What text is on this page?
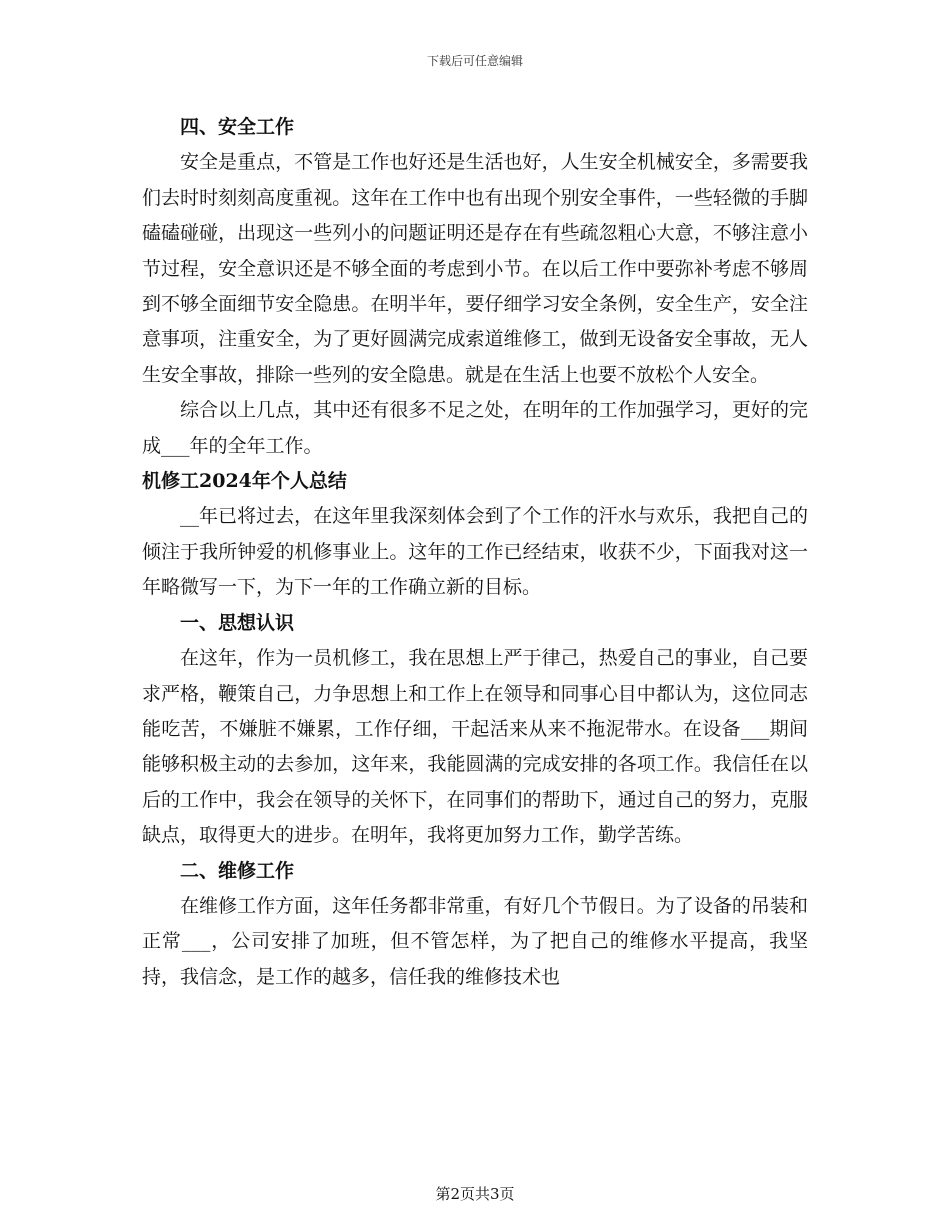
下载后可任意编辑

四、安全工作

安全是重点，不管是工作也好还是生活也好，人生安全机械安全，多需要我们去时时刻刻高度重视。这年在工作中也有出现个别安全事件，一些轻微的手脚磕磕碰碰，出现这一些列小的问题证明还是存在有些疏忽粗心大意，不够注意小节过程，安全意识还是不够全面的考虑到小节。在以后工作中要弥补考虑不够周到不够全面细节安全隐患。在明半年，要仔细学习安全条例，安全生产，安全注意事项，注重安全，为了更好圆满完成索道维修工，做到无设备安全事故，无人生安全事故，排除一些列的安全隐患。就是在生活上也要不放松个人安全。

综合以上几点，其中还有很多不足之处，在明年的工作加强学习，更好的完成___年的全年工作。

机修工2024年个人总结

__年已将过去，在这年里我深刻体会到了个工作的汗水与欢乐，我把自己的倾注于我所钟爱的机修事业上。这年的工作已经结束，收获不少，下面我对这一年略微写一下，为下一年的工作确立新的目标。

一、思想认识

在这年，作为一员机修工，我在思想上严于律己，热爱自己的事业，自己要求严格，鞭策自己，力争思想上和工作上在领导和同事心目中都认为，这位同志能吃苦，不嫌脏不嫌累，工作仔细，干起活来从来不拖泥带水。在设备___期间能够积极主动的去参加，这年来，我能圆满的完成安排的各项工作。我信任在以后的工作中，我会在领导的关怀下，在同事们的帮助下，通过自己的努力，克服缺点，取得更大的进步。在明年，我将更加努力工作，勤学苦练。

二、维修工作

在维修工作方面，这年任务都非常重，有好几个节假日。为了设备的吊装和正常___，公司安排了加班，但不管怎样，为了把自己的维修水平提高，我坚持，我信念，是工作的越多，信任我的维修技术也

第2页共3页
